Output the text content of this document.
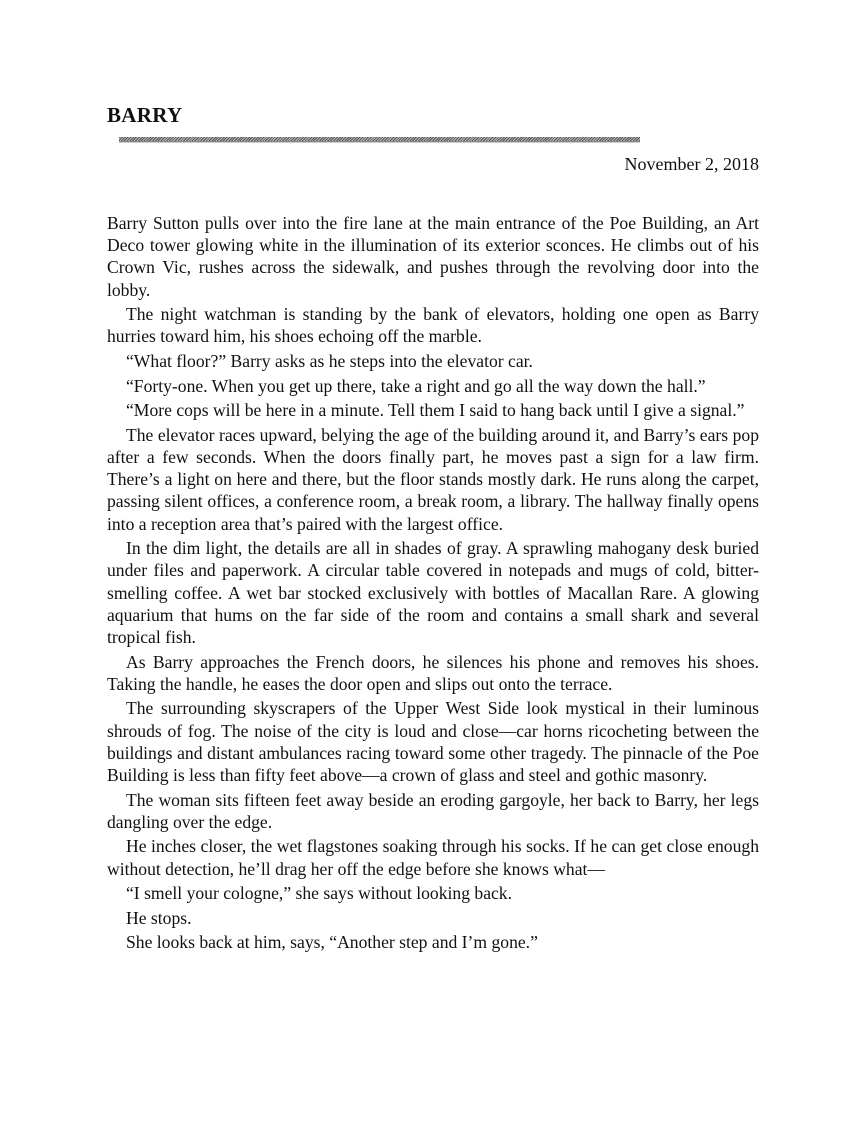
BARRY
November 2, 2018

Barry Sutton pulls over into the fire lane at the main entrance of the Poe Building, an Art Deco tower glowing white in the illumination of its exterior sconces. He climbs out of his Crown Vic, rushes across the sidewalk, and pushes through the revolving door into the lobby.

The night watchman is standing by the bank of elevators, holding one open as Barry hurries toward him, his shoes echoing off the marble.

“What floor?” Barry asks as he steps into the elevator car.

“Forty-one. When you get up there, take a right and go all the way down the hall.”

“More cops will be here in a minute. Tell them I said to hang back until I give a signal.”

The elevator races upward, belying the age of the building around it, and Barry’s ears pop after a few seconds. When the doors finally part, he moves past a sign for a law firm. There’s a light on here and there, but the floor stands mostly dark. He runs along the carpet, passing silent offices, a conference room, a break room, a library. The hallway finally opens into a reception area that’s paired with the largest office.

In the dim light, the details are all in shades of gray. A sprawling mahogany desk buried under files and paperwork. A circular table covered in notepads and mugs of cold, bitter-smelling coffee. A wet bar stocked exclusively with bottles of Macallan Rare. A glowing aquarium that hums on the far side of the room and contains a small shark and several tropical fish.

As Barry approaches the French doors, he silences his phone and removes his shoes. Taking the handle, he eases the door open and slips out onto the terrace.

The surrounding skyscrapers of the Upper West Side look mystical in their luminous shrouds of fog. The noise of the city is loud and close—car horns ricocheting between the buildings and distant ambulances racing toward some other tragedy. The pinnacle of the Poe Building is less than fifty feet above—a crown of glass and steel and gothic masonry.

The woman sits fifteen feet away beside an eroding gargoyle, her back to Barry, her legs dangling over the edge.

He inches closer, the wet flagstones soaking through his socks. If he can get close enough without detection, he’ll drag her off the edge before she knows what—

“I smell your cologne,” she says without looking back.

He stops.

She looks back at him, says, “Another step and I’m gone.”
